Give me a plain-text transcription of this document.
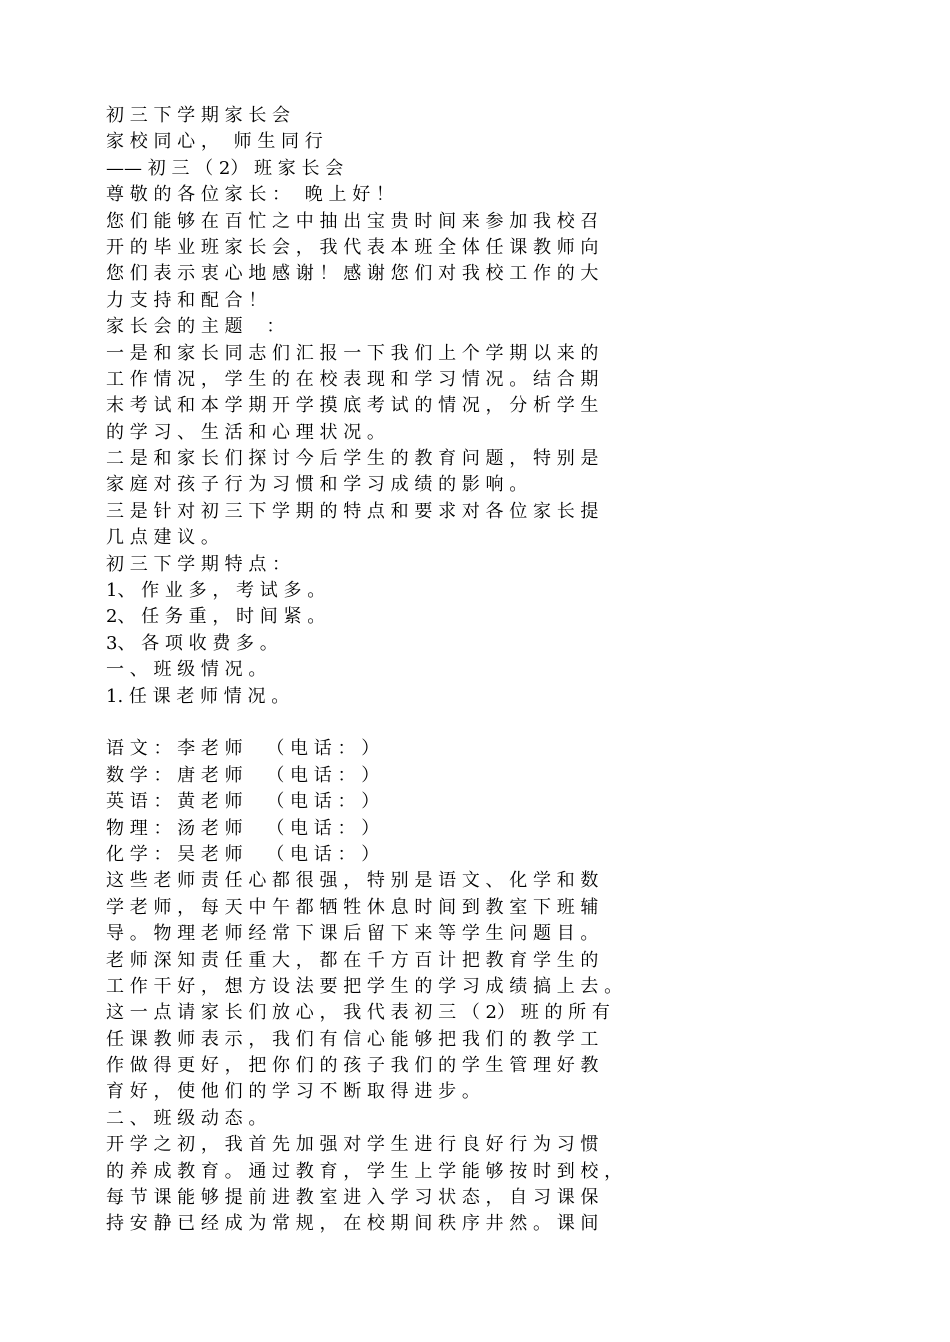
初 三 下 学 期 家 长 会
家 校 同 心 ，　 师 生 同 行
—— 初 三 （ 2） 班 家 长 会
尊 敬 的 各 位 家 长 ：　 晚 上 好 ！
您 们 能 够 在 百 忙 之 中 抽 出 宝 贵 时 间 来 参 加 我 校 召
开 的 毕 业 班 家 长 会 ， 我 代 表 本 班 全 体 任 课 教 师 向
您 们 表 示 衷 心 地 感 谢 ！ 感 谢 您 们 对 我 校 工 作 的 大
力 支 持 和 配 合 ！
家 长 会 的 主 题　 ：
一 是 和 家 长 同 志 们 汇 报 一 下 我 们 上 个 学 期 以 来 的
工 作 情 况 ， 学 生 的 在 校 表 现 和 学 习 情 况 。 结 合 期
末 考 试 和 本 学 期 开 学 摸 底 考 试 的 情 况 ， 分 析 学 生
的 学 习 、 生 活 和 心 理 状 况 。
二 是 和 家 长 们 探 讨 今 后 学 生 的 教 育 问 题 ， 特 别 是
家 庭 对 孩 子 行 为 习 惯 和 学 习 成 绩 的 影 响 。
三 是 针 对 初 三 下 学 期 的 特 点 和 要 求 对 各 位 家 长 提
几 点 建 议 。
初 三 下 学 期 特 点 ：
1、 作 业 多 ， 考 试 多 。
2、 任 务 重 ， 时 间 紧 。
3、 各 项 收 费 多 。
一 、 班 级 情 况 。
1. 任 课 老 师 情 况 。
语 文 ： 李 老 师　 （ 电 话 ： ）
数 学 ： 唐 老 师　 （ 电 话 ： ）
英 语 ： 黄 老 师　 （ 电 话 ： ）
物 理 ： 汤 老 师　 （ 电 话 ： ）
化 学 ： 吴 老 师　 （ 电 话 ： ）
这 些 老 师 责 任 心 都 很 强 ， 特 别 是 语 文 、 化 学 和 数
学 老 师 ， 每 天 中 午 都 牺 牲 休 息 时 间 到 教 室 下 班 辅
导 。 物 理 老 师 经 常 下 课 后 留 下 来 等 学 生 问 题 目 。
老 师 深 知 责 任 重 大 ， 都 在 千 方 百 计 把 教 育 学 生 的
工 作 干 好 ， 想 方 设 法 要 把 学 生 的 学 习 成 绩 搞 上 去 。
这 一 点 请 家 长 们 放 心 ， 我 代 表 初 三 （ 2） 班 的 所 有
任 课 教 师 表 示 ， 我 们 有 信 心 能 够 把 我 们 的 教 学 工
作 做 得 更 好 ， 把 你 们 的 孩 子 我 们 的 学 生 管 理 好 教
育 好 ， 使 他 们 的 学 习 不 断 取 得 进 步 。
二 、 班 级 动 态 。
开 学 之 初 ， 我 首 先 加 强 对 学 生 进 行 良 好 行 为 习 惯
的 养 成 教 育 。 通 过 教 育 ， 学 生 上 学 能 够 按 时 到 校 ，
每 节 课 能 够 提 前 进 教 室 进 入 学 习 状 态 ， 自 习 课 保
持 安 静 已 经 成 为 常 规 ， 在 校 期 间 秩 序 井 然 。 课 间
